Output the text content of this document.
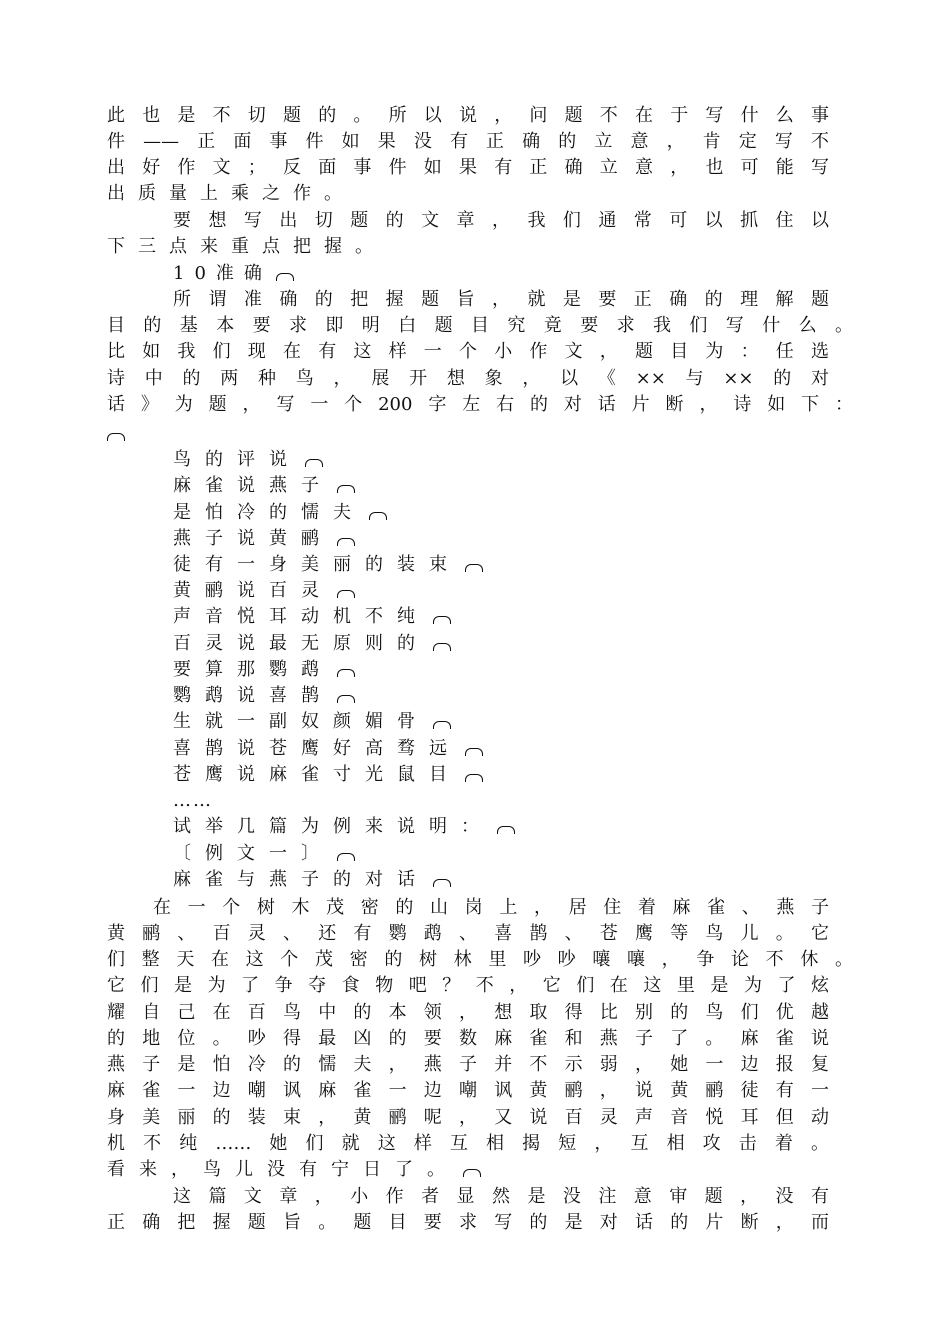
此也是不切题的。所以说，问题不在于写什么事
件——正面事件如果没有正确的立意，肯定写不
出好作文；反面事件如果有正确立意，也可能写
出质量上乘之作。
要想写出切题的文章，我们通常可以抓住以
下三点来重点把握。
10准确
所谓准确的把握题旨，就是要正确的理解题
目的基本要求即明白题目究竟要求我们写什么。
比如我们现在有这样一个小作文，题目为：任选
诗中的两种鸟，展开想象，以《××与××的对
话》为题，写一个200字左右的对话片断，诗如下：
鸟的评说
麻雀说燕子
是怕冷的懦夫
燕子说黄鹂
徒有一身美丽的装束
黄鹂说百灵
声音悦耳动机不纯
百灵说最无原则的
要算那鹦鹉
鹦鹉说喜鹊
生就一副奴颜媚骨
喜鹊说苍鹰好高骛远
苍鹰说麻雀寸光鼠目
……
试举几篇为例来说明：
〔例文一〕
麻雀与燕子的对话
在一个树木茂密的山岗上，居住着麻雀、燕子
黄鹂、百灵、还有鹦鹉、喜鹊、苍鹰等鸟儿。它
们整天在这个茂密的树林里吵吵嚷嚷，争论不休。
它们是为了争夺食物吧？不，它们在这里是为了炫
耀自己在百鸟中的本领，想取得比别的鸟们优越
的地位。吵得最凶的要数麻雀和燕子了。麻雀说
燕子是怕冷的懦夫，燕子并不示弱，她一边报复
麻雀一边嘲讽麻雀一边嘲讽黄鹂，说黄鹂徒有一
身美丽的装束，黄鹂呢，又说百灵声音悦耳但动
机不纯……她们就这样互相揭短，互相攻击着。
看来，鸟儿没有宁日了。
这篇文章，小作者显然是没注意审题，没有
正确把握题旨。题目要求写的是对话的片断，而
